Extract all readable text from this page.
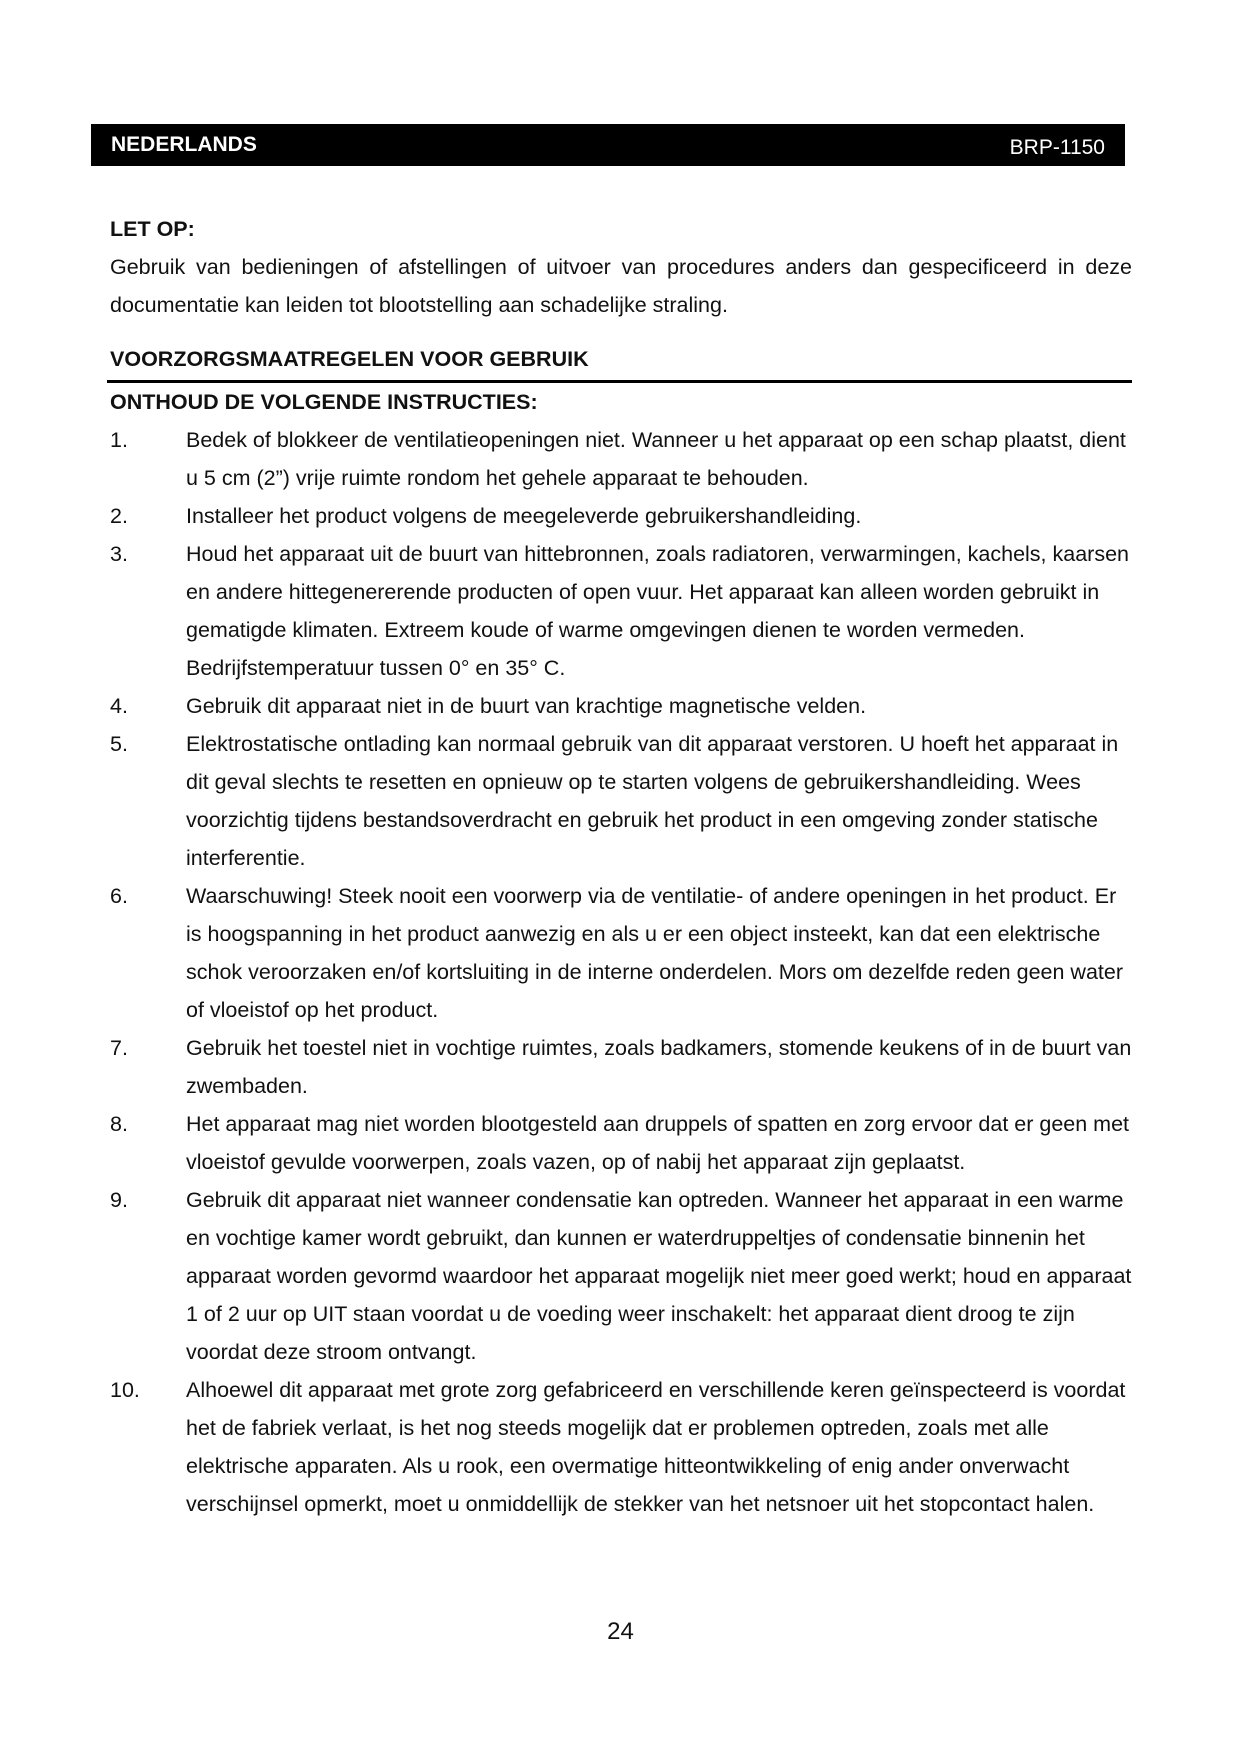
NEDERLANDS	BRP-1150
LET OP:

Gebruik van bedieningen of afstellingen of uitvoer van procedures anders dan gespecificeerd in deze documentatie kan leiden tot blootstelling aan schadelijke straling.

VOORZORGSMAATREGELEN VOOR GEBRUIK
ONTHOUD DE VOLGENDE INSTRUCTIES:
1.	Bedek of blokkeer de ventilatieopeningen niet. Wanneer u het apparaat op een schap plaatst, dient u 5 cm (2”) vrije ruimte rondom het gehele apparaat te behouden.
2.	Installeer het product volgens de meegeleverde gebruikershandleiding.
3.	Houd het apparaat uit de buurt van hittebronnen, zoals radiatoren, verwarmingen, kachels, kaarsen en andere hittegenererende producten of open vuur. Het apparaat kan alleen worden gebruikt in gematigde klimaten. Extreem koude of warme omgevingen dienen te worden vermeden. Bedrijfstemperatuur tussen 0° en 35° C.
4.	Gebruik dit apparaat niet in de buurt van krachtige magnetische velden.
5.	Elektrostatische ontlading kan normaal gebruik van dit apparaat verstoren. U hoeft het apparaat in dit geval slechts te resetten en opnieuw op te starten volgens de gebruikershandleiding. Wees voorzichtig tijdens bestandsoverdracht en gebruik het product in een omgeving zonder statische interferentie.
6.	Waarschuwing! Steek nooit een voorwerp via de ventilatie- of andere openingen in het product. Er is hoogspanning in het product aanwezig en als u er een object insteekt, kan dat een elektrische schok veroorzaken en/of kortsluiting in de interne onderdelen. Mors om dezelfde reden geen water of vloeistof op het product.
7.	Gebruik het toestel niet in vochtige ruimtes, zoals badkamers, stomende keukens of in de buurt van zwembaden.
8.	Het apparaat mag niet worden blootgesteld aan druppels of spatten en zorg ervoor dat er geen met vloeistof gevulde voorwerpen, zoals vazen, op of nabij het apparaat zijn geplaatst.
9.	Gebruik dit apparaat niet wanneer condensatie kan optreden. Wanneer het apparaat in een warme en vochtige kamer wordt gebruikt, dan kunnen er waterdruppeltjes of condensatie binnenin het apparaat worden gevormd waardoor het apparaat mogelijk niet meer goed werkt; houd en apparaat 1 of 2 uur op UIT staan voordat u de voeding weer inschakelt: het apparaat dient droog te zijn voordat deze stroom ontvangt.
10.	Alhoewel dit apparaat met grote zorg gefabriceerd en verschillende keren geïnspecteerd is voordat het de fabriek verlaat, is het nog steeds mogelijk dat er problemen optreden, zoals met alle elektrische apparaten. Als u rook, een overmatige hitteontwikkeling of enig ander onverwacht verschijnsel opmerkt, moet u onmiddellijk de stekker van het netsnoer uit het stopcontact halen.
24
